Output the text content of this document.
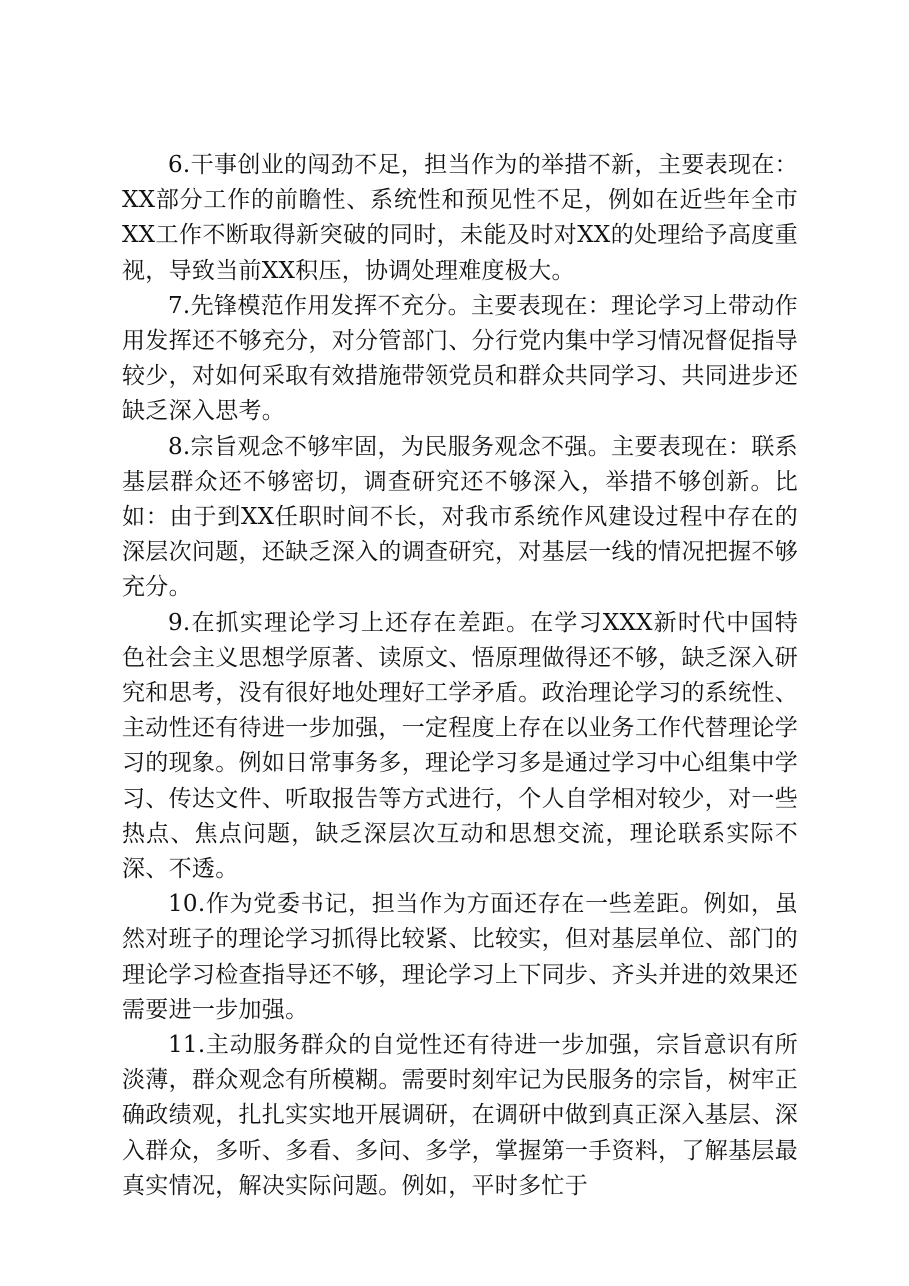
6.干事创业的闯劲不足，担当作为的举措不新，主要表现在：XX部分工作的前瞻性、系统性和预见性不足，例如在近些年全市XX工作不断取得新突破的同时，未能及时对XX的处理给予高度重视，导致当前XX积压，协调处理难度极大。

7.先锋模范作用发挥不充分。主要表现在：理论学习上带动作用发挥还不够充分，对分管部门、分行党内集中学习情况督促指导较少，对如何采取有效措施带领党员和群众共同学习、共同进步还缺乏深入思考。

8.宗旨观念不够牢固，为民服务观念不强。主要表现在：联系基层群众还不够密切，调查研究还不够深入，举措不够创新。比如：由于到XX任职时间不长，对我市系统作风建设过程中存在的深层次问题，还缺乏深入的调查研究，对基层一线的情况把握不够充分。

9.在抓实理论学习上还存在差距。在学习XXX新时代中国特色社会主义思想学原著、读原文、悟原理做得还不够，缺乏深入研究和思考，没有很好地处理好工学矛盾。政治理论学习的系统性、主动性还有待进一步加强，一定程度上存在以业务工作代替理论学习的现象。例如日常事务多，理论学习多是通过学习中心组集中学习、传达文件、听取报告等方式进行，个人自学相对较少，对一些热点、焦点问题，缺乏深层次互动和思想交流，理论联系实际不深、不透。

10.作为党委书记，担当作为方面还存在一些差距。例如，虽然对班子的理论学习抓得比较紧、比较实，但对基层单位、部门的理论学习检查指导还不够，理论学习上下同步、齐头并进的效果还需要进一步加强。

11.主动服务群众的自觉性还有待进一步加强，宗旨意识有所淡薄，群众观念有所模糊。需要时刻牢记为民服务的宗旨，树牢正确政绩观，扎扎实实地开展调研，在调研中做到真正深入基层、深入群众，多听、多看、多问、多学，掌握第一手资料，了解基层最真实情况，解决实际问题。例如，平时多忙于
